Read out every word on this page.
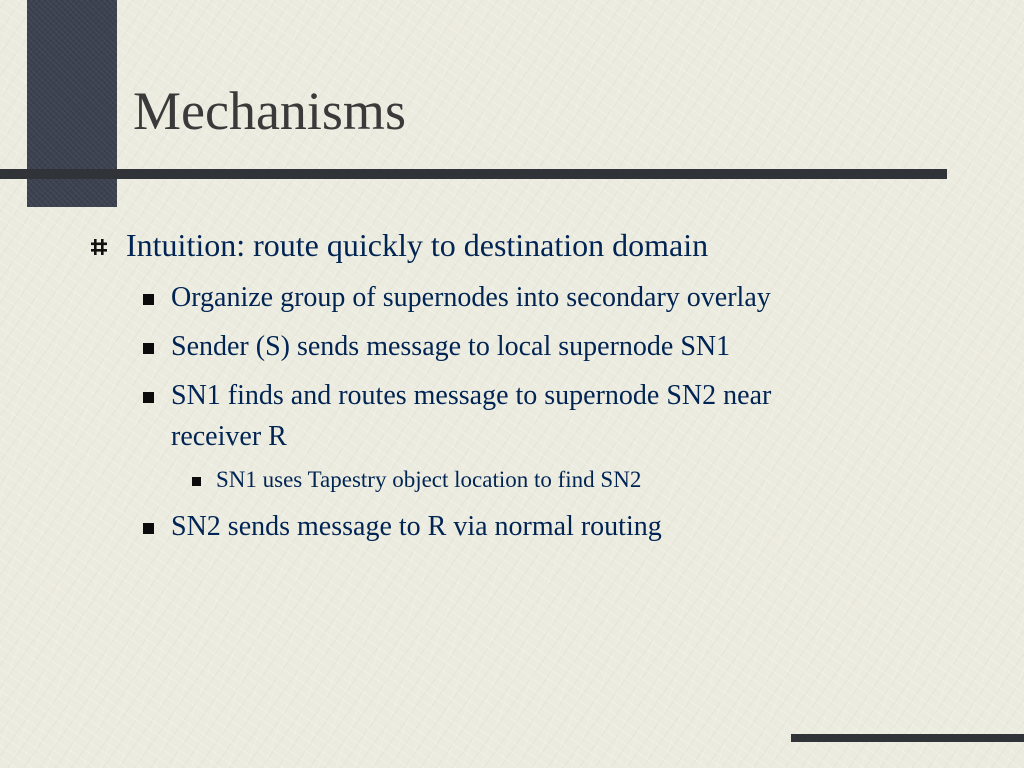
Mechanisms
Intuition: route quickly to destination domain
Organize group of supernodes into secondary overlay
Sender (S) sends message to local supernode SN1
SN1 finds and routes message to supernode SN2 near
receiver R
SN1 uses Tapestry object location to find SN2
SN2 sends message to R via normal routing
